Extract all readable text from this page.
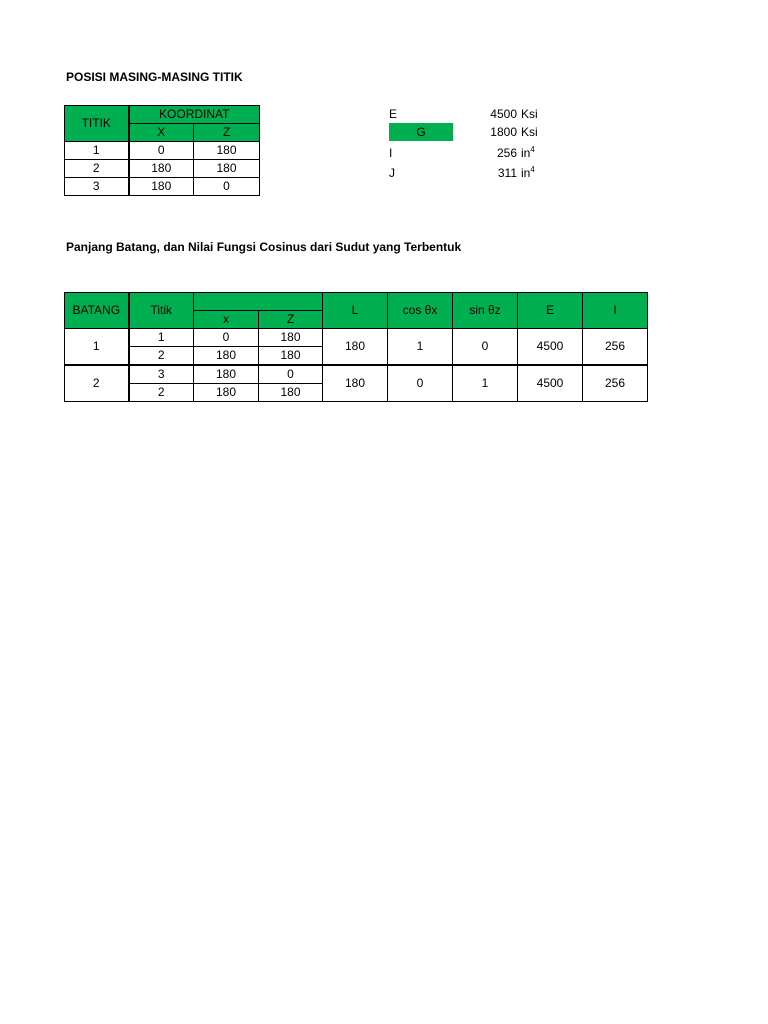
POSISI MASING-MASING TITIK
TITIK	KOORDINAT	
	X	Z
1	0	180
2	180	180
3	180	0
E	4500 Ksi
G	1800 Ksi
I	256 $in^4$
J	311 $in^4$
Panjang Batang, dan Nilai Fungsi Cosinus dari Sudut yang Terbentuk
BATANG	Titik			L	cos θx	sin θz	E	I
		x	Z					
1	1	0	180	180	1	0	4500	256
	2	180	180					
2	3	180	0	180	0	1	4500	256
	2	180	180					
